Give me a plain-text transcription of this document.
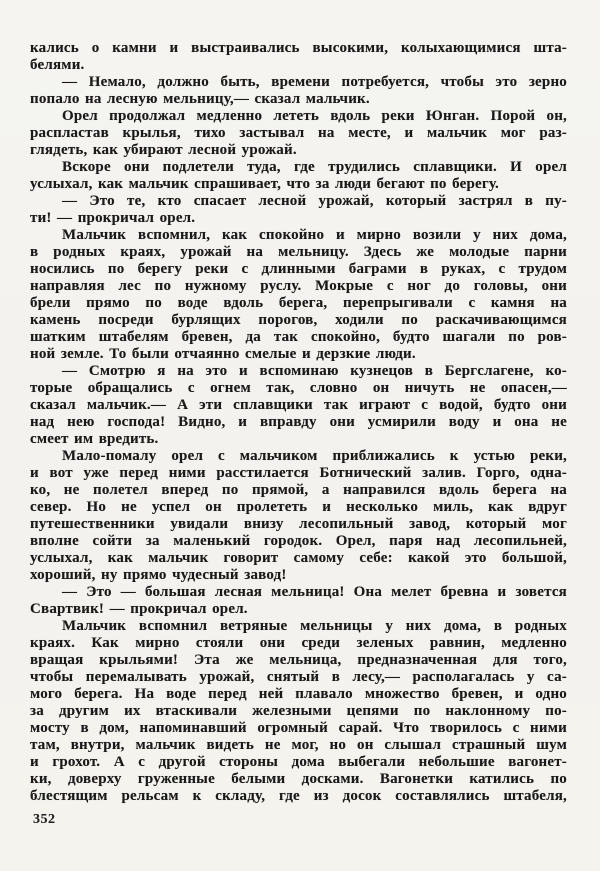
кались о камни и выстраивались высокими, колыхающимися шта-
белями.
— Немало, должно быть, времени потребуется, чтобы это зерно
попало на лесную мельницу,— сказал мальчик.
Орел продолжал медленно лететь вдоль реки Юнган. Порой он,
распластав крылья, тихо застывал на месте, и мальчик мог раз-
глядеть, как убирают лесной урожай.
Вскоре они подлетели туда, где трудились сплавщики. И орел
услыхал, как мальчик спрашивает, что за люди бегают по берегу.
— Это те, кто спасает лесной урожай, который застрял в пу-
ти! — прокричал орел.
Мальчик вспомнил, как спокойно и мирно возили у них дома,
в родных краях, урожай на мельницу. Здесь же молодые парни
носились по берегу реки с длинными баграми в руках, с трудом
направляя лес по нужному руслу. Мокрые с ног до головы, они
брели прямо по воде вдоль берега, перепрыгивали с камня на
камень посреди бурлящих порогов, ходили по раскачивающимся
шатким штабелям бревен, да так спокойно, будто шагали по ров-
ной земле. То были отчаянно смелые и дерзкие люди.
— Смотрю я на это и вспоминаю кузнецов в Бергслагене, ко-
торые обращались с огнем так, словно он ничуть не опасен,—
сказал мальчик.— А эти сплавщики так играют с водой, будто они
над нею господа! Видно, и вправду они усмирили воду и она не
смеет им вредить.
Мало-помалу орел с мальчиком приближались к устью реки,
и вот уже перед ними расстилается Ботнический залив. Горго, одна-
ко, не полетел вперед по прямой, а направился вдоль берега на
север. Но не успел он пролететь и несколько миль, как вдруг
путешественники увидали внизу лесопильный завод, который мог
вполне сойти за маленький городок. Орел, паря над лесопильней,
услыхал, как мальчик говорит самому себе: какой это большой,
хороший, ну прямо чудесный завод!
— Это — большая лесная мельница! Она мелет бревна и зовется
Свартвик! — прокричал орел.
Мальчик вспомнил ветряные мельницы у них дома, в родных
краях. Как мирно стояли они среди зеленых равнин, медленно
вращая крыльями! Эта же мельница, предназначенная для того,
чтобы перемалывать урожай, снятый в лесу,— располагалась у са-
мого берега. На воде перед ней плавало множество бревен, и одно
за другим их втаскивали железными цепями по наклонному по-
мосту в дом, напоминавший огромный сарай. Что творилось с ними
там, внутри, мальчик видеть не мог, но он слышал страшный шум
и грохот. А с другой стороны дома выбегали небольшие вагонет-
ки, доверху груженные белыми досками. Вагонетки катились по
блестящим рельсам к складу, где из досок составлялись штабеля,
352
